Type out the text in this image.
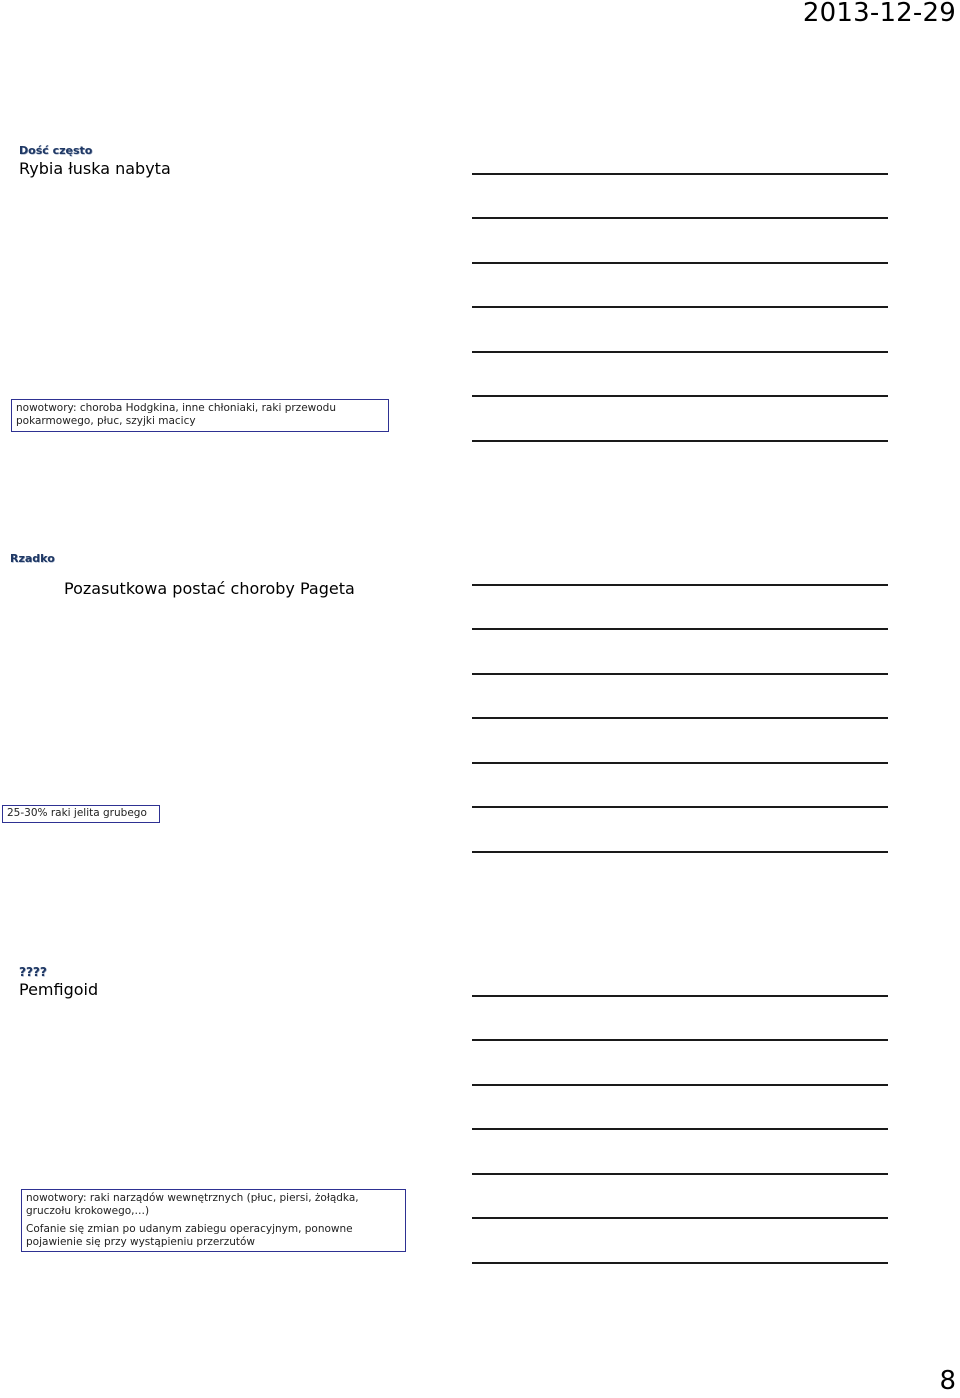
2013-12-29
Dość często
Rybia łuska nabyta

nowotwory: choroba Hodgkina, inne chłoniaki, raki przewodu pokarmowego, płuc, szyjki macicy

Rzadko
Pozasutkowa postać choroby Pageta

25-30% raki jelita grubego

????
Pemfigoid

nowotwory: raki narządów wewnętrznych (płuc, piersi, żołądka, gruczołu krokowego,…)

Cofanie się zmian po udanym zabiegu operacyjnym, ponowne pojawienie się przy wystąpieniu przerzutów

8
